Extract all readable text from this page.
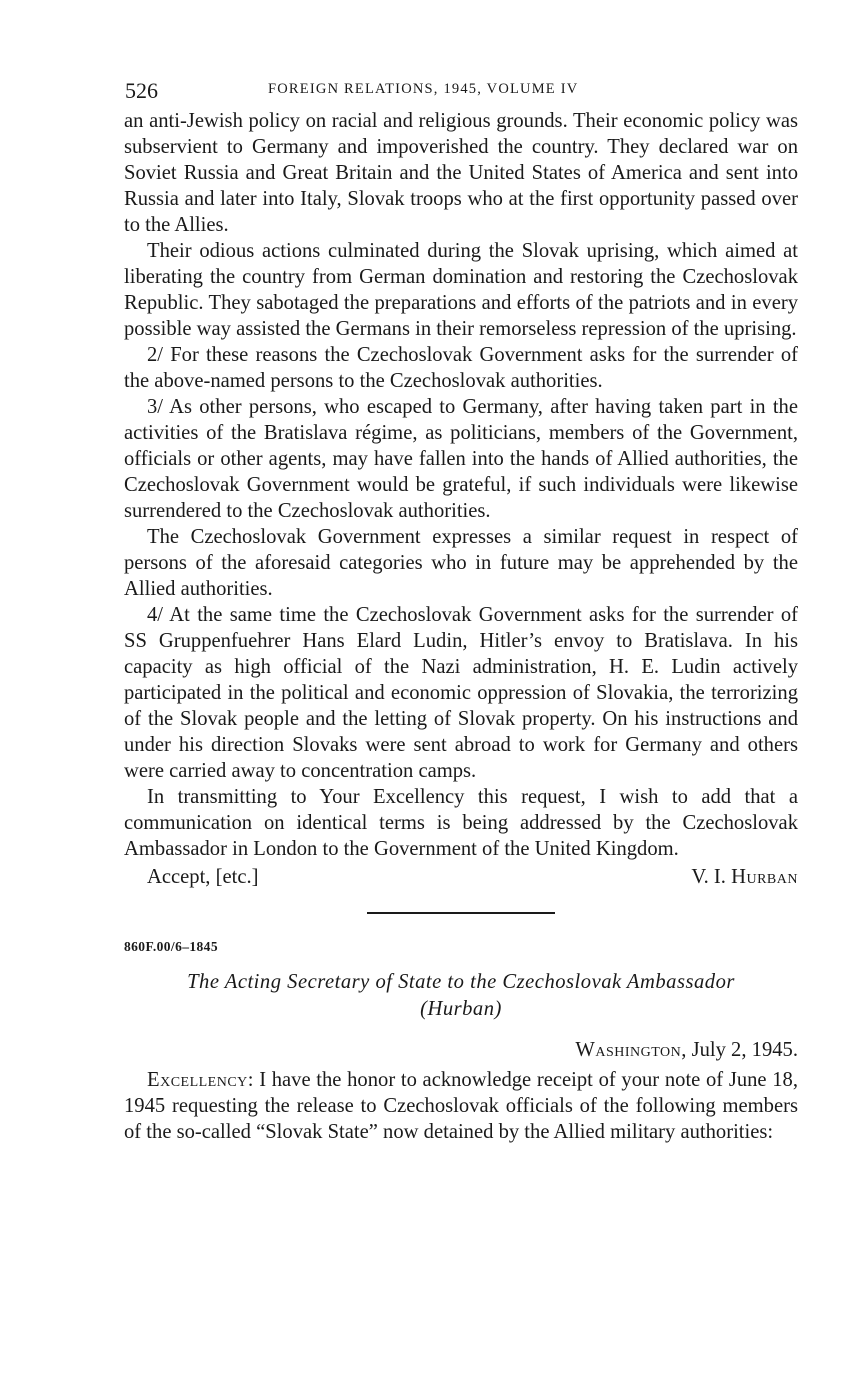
526	FOREIGN RELATIONS, 1945, VOLUME IV

an anti-Jewish policy on racial and religious grounds. Their economic policy was subservient to Germany and impoverished the country. They declared war on Soviet Russia and Great Britain and the United States of America and sent into Russia and later into Italy, Slovak troops who at the first opportunity passed over to the Allies.

Their odious actions culminated during the Slovak uprising, which aimed at liberating the country from German domination and restoring the Czechoslovak Republic. They sabotaged the preparations and efforts of the patriots and in every possible way assisted the Germans in their remorseless repression of the uprising.

2/ For these reasons the Czechoslovak Government asks for the surrender of the above-named persons to the Czechoslovak authorities.

3/ As other persons, who escaped to Germany, after having taken part in the activities of the Bratislava régime, as politicians, members of the Government, officials or other agents, may have fallen into the hands of Allied authorities, the Czechoslovak Government would be grateful, if such individuals were likewise surrendered to the Czechoslovak authorities.

The Czechoslovak Government expresses a similar request in respect of persons of the aforesaid categories who in future may be apprehended by the Allied authorities.

4/ At the same time the Czechoslovak Government asks for the surrender of SS Gruppenfuehrer Hans Elard Ludin, Hitler’s envoy to Bratislava. In his capacity as high official of the Nazi administration, H. E. Ludin actively participated in the political and economic oppression of Slovakia, the terrorizing of the Slovak people and the letting of Slovak property. On his instructions and under his direction Slovaks were sent abroad to work for Germany and others were carried away to concentration camps.

In transmitting to Your Excellency this request, I wish to add that a communication on identical terms is being addressed by the Czechoslovak Ambassador in London to the Government of the United Kingdom.

Accept, [etc.]	V. I. Hurban
860F.00/6–1845
The Acting Secretary of State to the Czechoslovak Ambassador
(Hurban)
Washington, July 2, 1945.

Excellency: I have the honor to acknowledge receipt of your note of June 18, 1945 requesting the release to Czechoslovak officials of the following members of the so-called “Slovak State” now detained by the Allied military authorities:
